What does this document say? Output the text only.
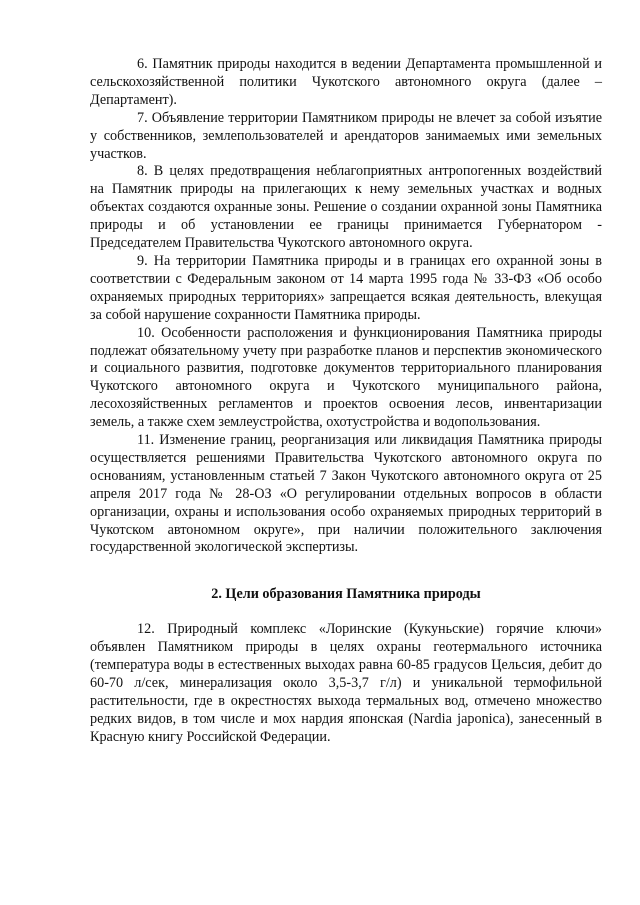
6. Памятник природы находится в ведении Департамента промышленной и сельскохозяйственной политики Чукотского автономного округа (далее – Департамент).

7. Объявление территории Памятником природы не влечет за собой изъятие у собственников, землепользователей и арендаторов занимаемых ими земельных участков.

8. В целях предотвращения неблагоприятных антропогенных воздействий на Памятник природы на прилегающих к нему земельных участках и водных объектах создаются охранные зоны. Решение о создании охранной зоны Памятника природы и об установлении ее границы принимается Губернатором - Председателем Правительства Чукотского автономного округа.

9. На территории Памятника природы и в границах его охранной зоны в соответствии с Федеральным законом от 14 марта 1995 года № 33-ФЗ «Об особо охраняемых природных территориях» запрещается всякая деятельность, влекущая за собой нарушение сохранности Памятника природы.

10. Особенности расположения и функционирования Памятника природы подлежат обязательному учету при разработке планов и перспектив экономического и социального развития, подготовке документов территориального планирования Чукотского автономного округа и Чукотского муниципального района, лесохозяйственных регламентов и проектов освоения лесов, инвентаризации земель, а также схем землеустройства, охотустройства и водопользования.

11. Изменение границ, реорганизация или ликвидация Памятника природы осуществляется решениями Правительства Чукотского автономного округа по основаниям, установленным статьей 7 Закон Чукотского автономного округа от 25 апреля 2017 года № 28-ОЗ «О регулировании отдельных вопросов в области организации, охраны и использования особо охраняемых природных территорий в Чукотском автономном округе», при наличии положительного заключения государственной экологической экспертизы.

2. Цели образования Памятника природы

12. Природный комплекс «Лоринские (Кукуньские) горячие ключи» объявлен Памятником природы в целях охраны геотермального источника (температура воды в естественных выходах равна 60-85 градусов Цельсия, дебит до 60-70 л/сек, минерализация около 3,5-3,7 г/л) и уникальной термофильной растительности, где в окрестностях выхода термальных вод, отмечено множество редких видов, в том числе и мох нардия японская (Nardia japonica), занесенный в Красную книгу Российской Федерации.
